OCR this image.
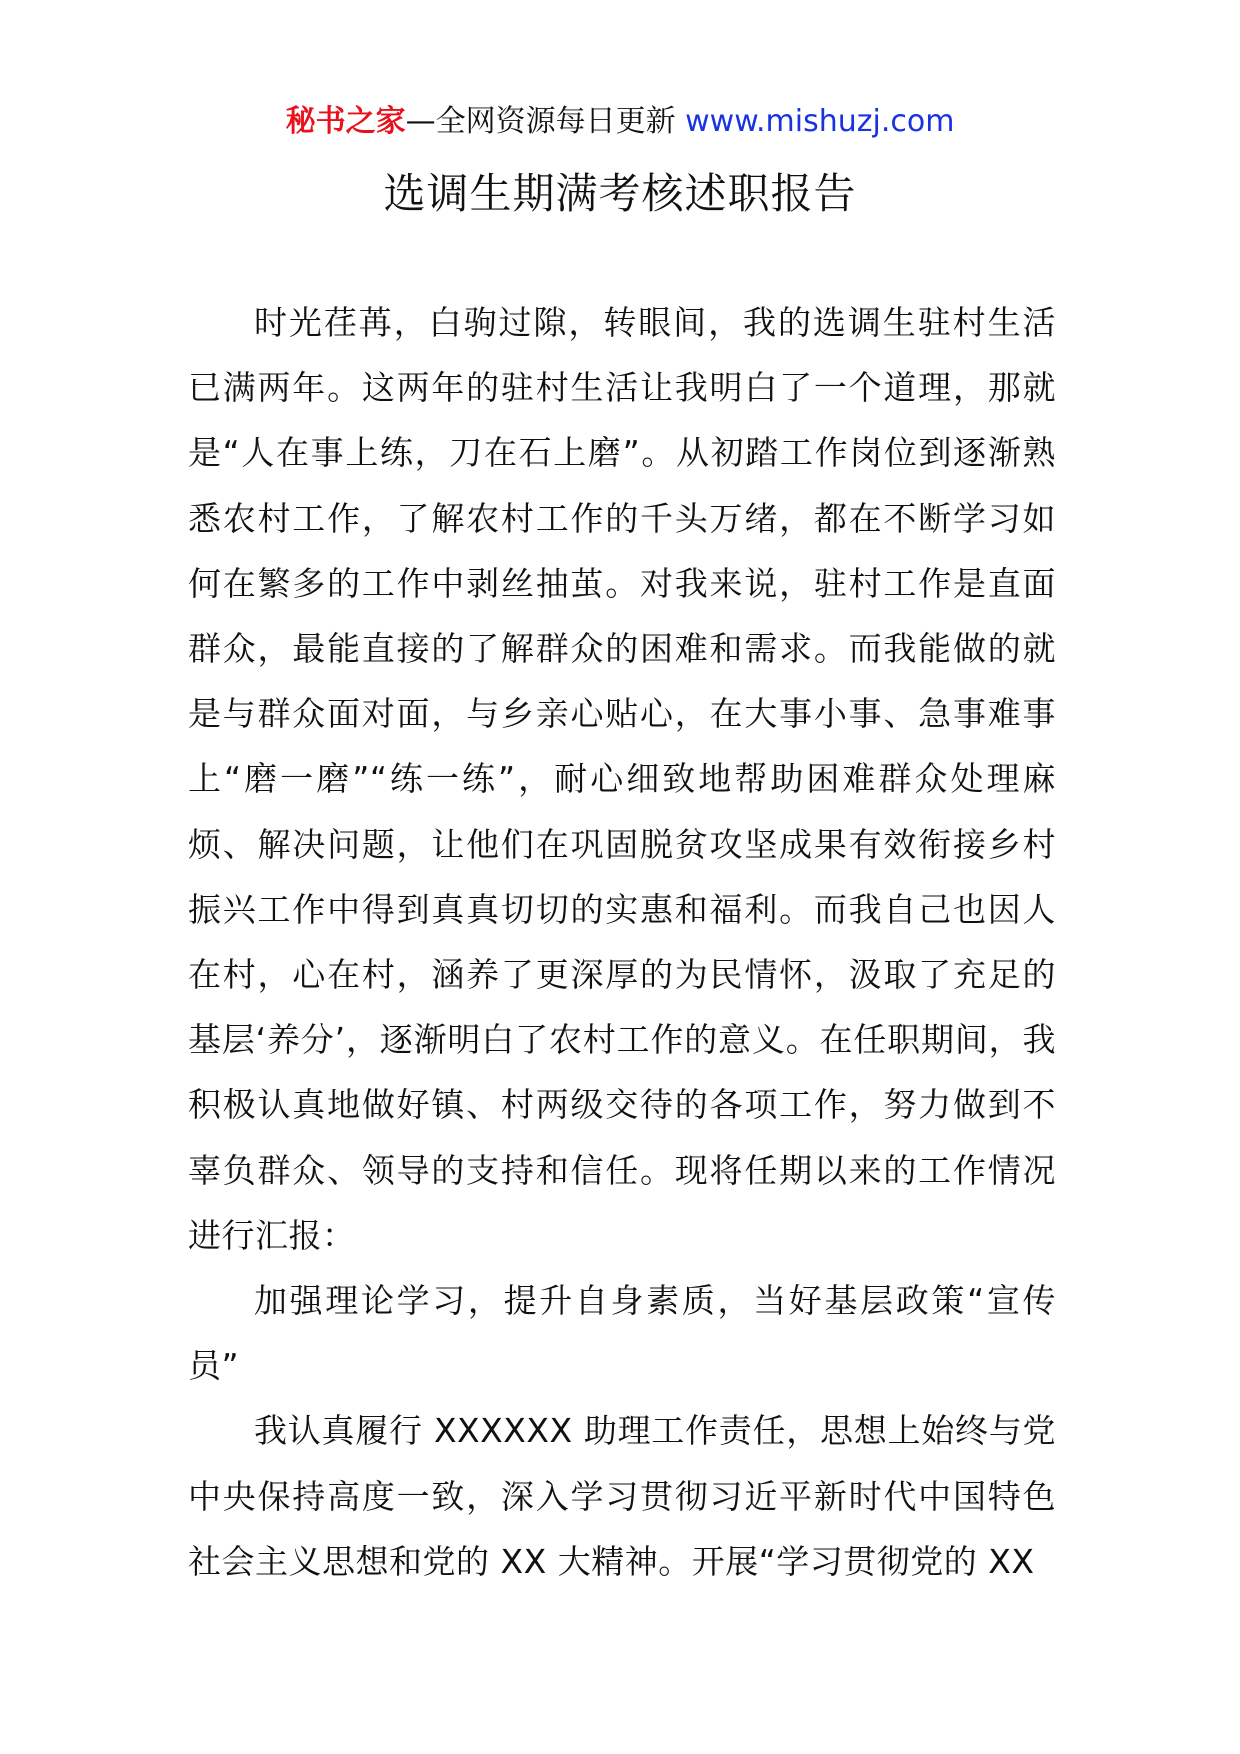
秘书之家—全网资源每日更新 www.mishuzj.com
选调生期满考核述职报告

时光荏苒，白驹过隙，转眼间，我的选调生驻村生活已满两年。这两年的驻村生活让我明白了一个道理，那就是“人在事上练，刀在石上磨”。从初踏工作岗位到逐渐熟悉农村工作，了解农村工作的千头万绪，都在不断学习如何在繁多的工作中剥丝抽茧。对我来说，驻村工作是直面群众，最能直接的了解群众的困难和需求。而我能做的就是与群众面对面，与乡亲心贴心，在大事小事、急事难事上“磨一磨”“练一练”，耐心细致地帮助困难群众处理麻烦、解决问题，让他们在巩固脱贫攻坚成果有效衔接乡村振兴工作中得到真真切切的实惠和福利。而我自己也因人在村，心在村，涵养了更深厚的为民情怀，汲取了充足的基层‘养分’，逐渐明白了农村工作的意义。在任职期间，我积极认真地做好镇、村两级交待的各项工作，努力做到不辜负群众、领导的支持和信任。现将任期以来的工作情况进行汇报：

加强理论学习，提升自身素质，当好基层政策“宣传员”

我认真履行 XXXXXX 助理工作责任，思想上始终与党中央保持高度一致，深入学习贯彻习近平新时代中国特色社会主义思想和党的 XX 大精神。开展“学习贯彻党的 XX
